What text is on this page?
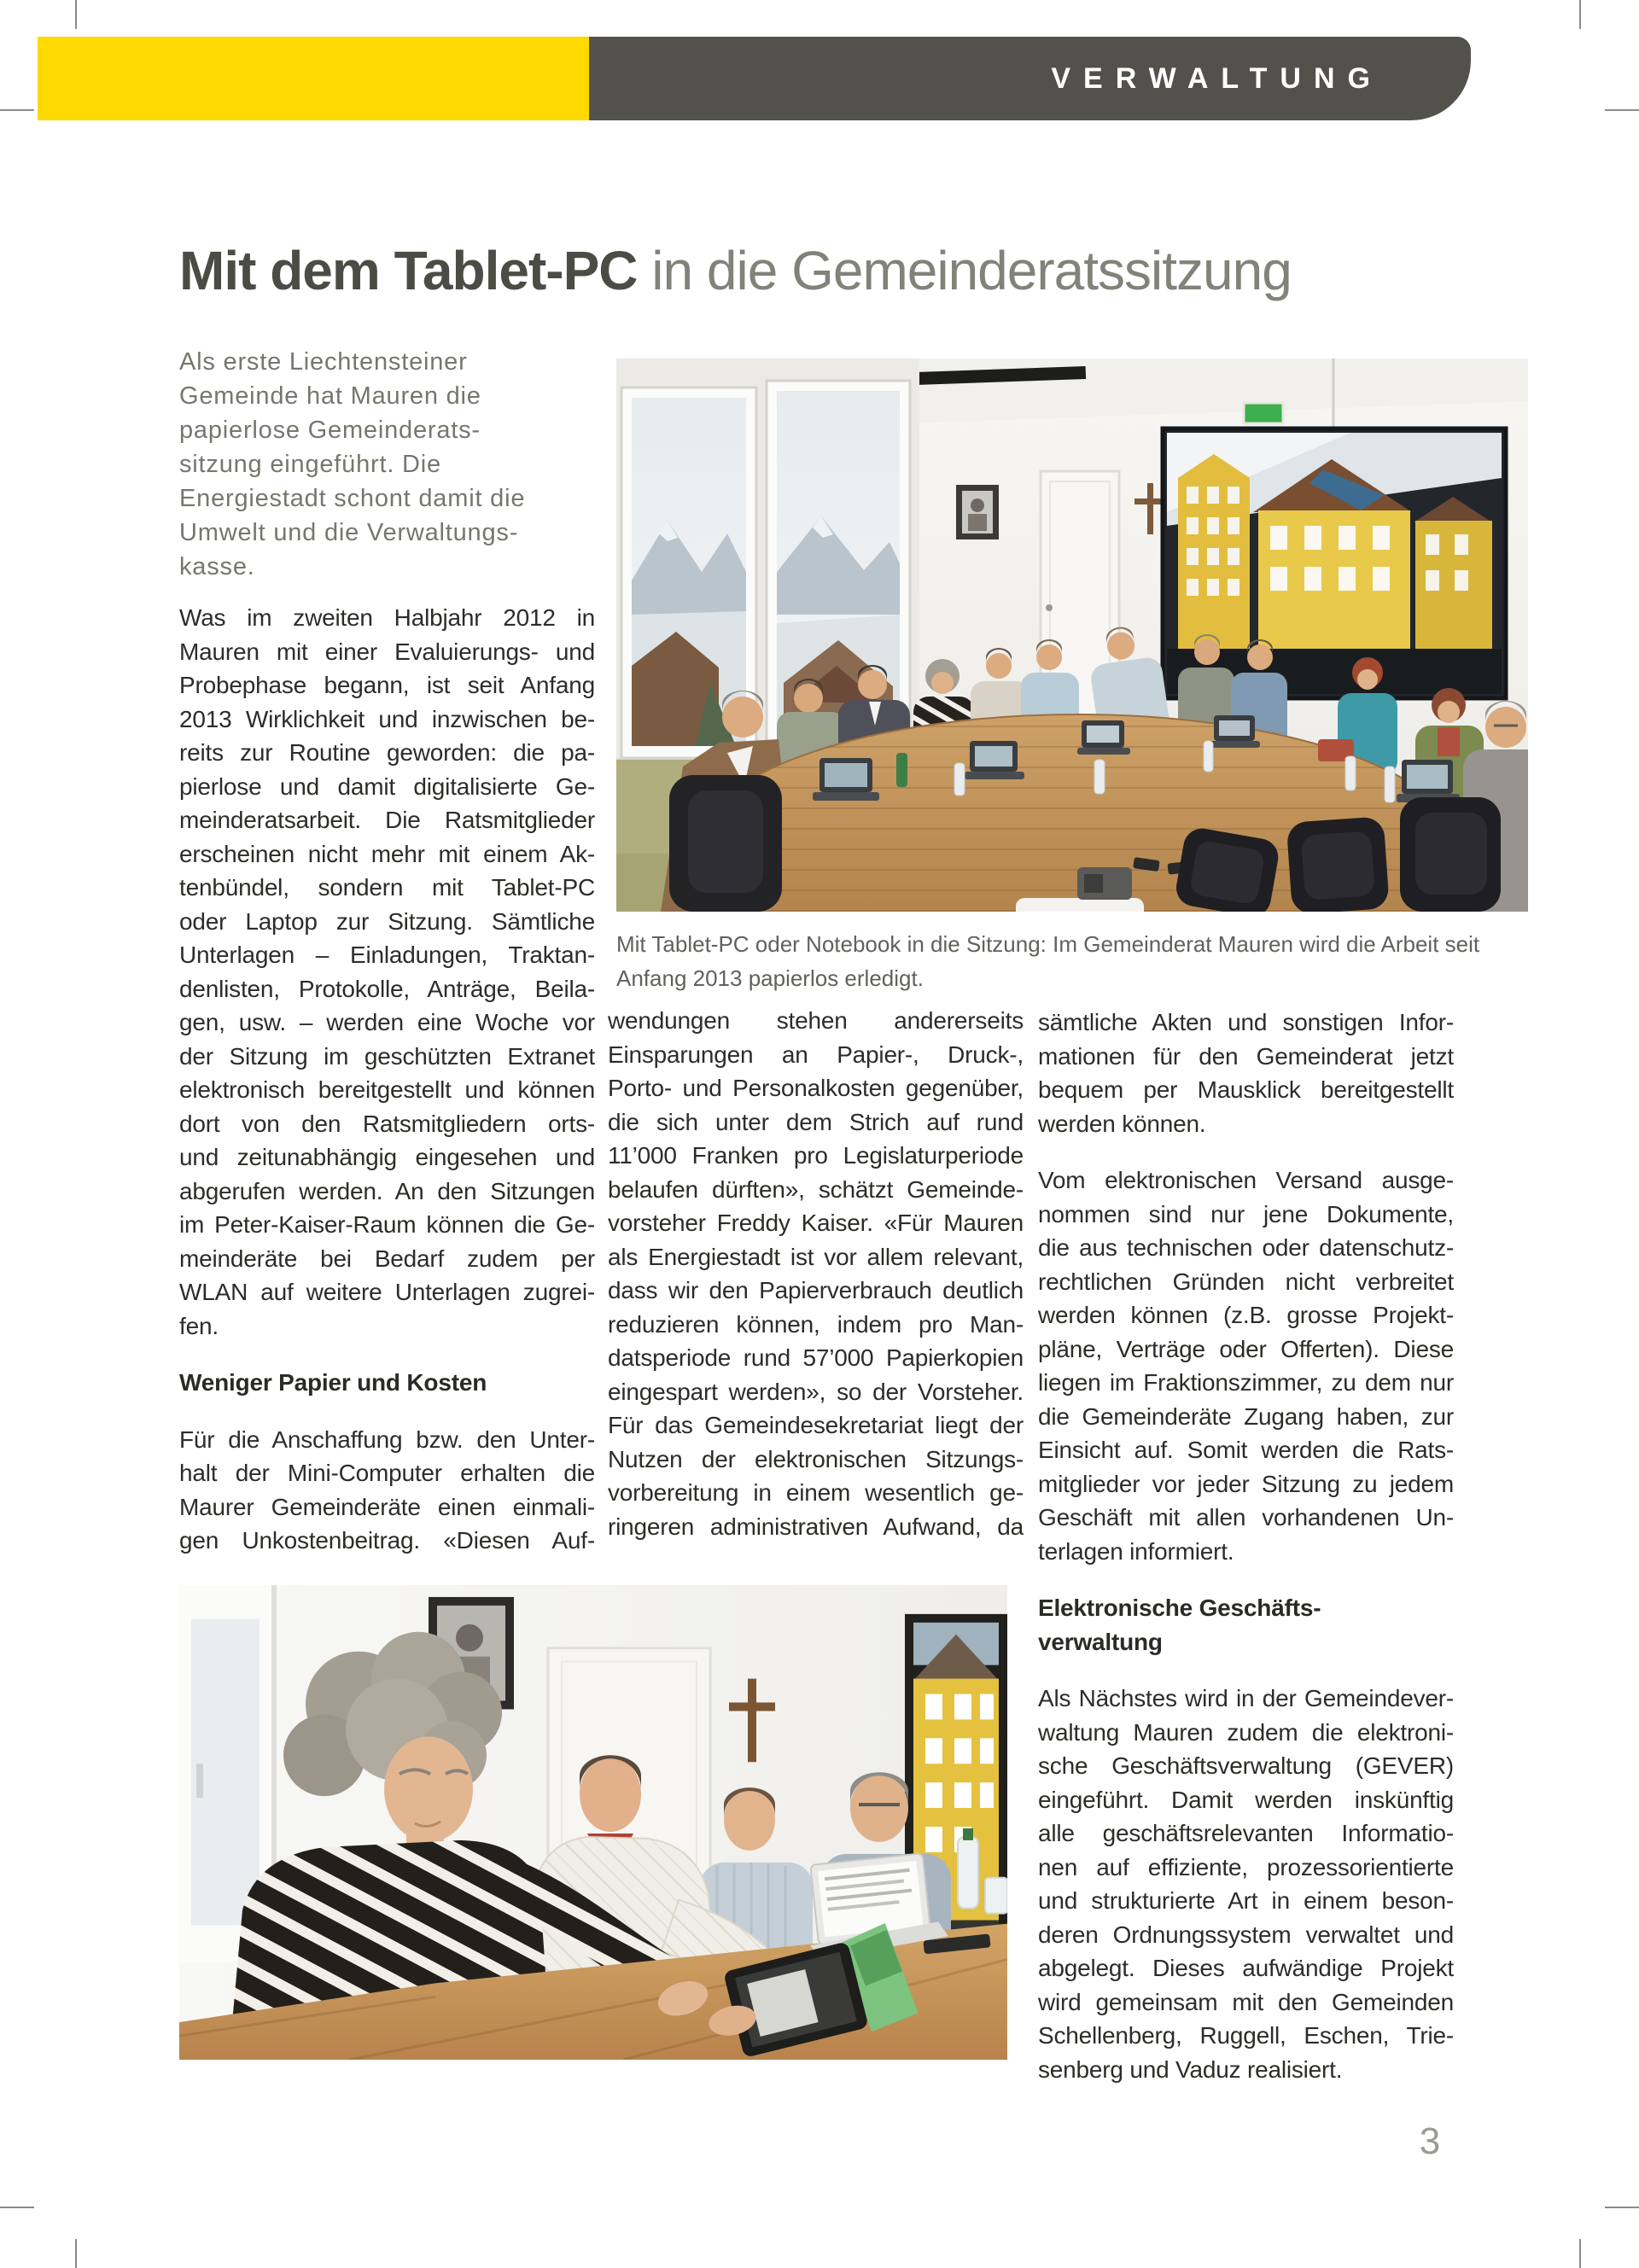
VERWALTUNG
Mit dem Tablet-PC in die Gemeinderatssitzung
Als erste Liechtensteiner
Gemeinde hat Mauren die
papierlose Gemeinderats-
sitzung eingeführt. Die
Energiestadt schont damit die
Umwelt und die Verwaltungs-
kasse.
Was im zweiten Halbjahr 2012 in
Mauren mit einer Evaluierungs- und
Probephase begann, ist seit Anfang
2013 Wirklichkeit und inzwischen be-
reits zur Routine geworden: die pa-
pierlose und damit digitalisierte Ge-
meinderatsarbeit. Die Ratsmitglieder
erscheinen nicht mehr mit einem Ak-
tenbündel, sondern mit Tablet-PC
oder Laptop zur Sitzung. Sämtliche
Unterlagen – Einladungen, Traktan-
denlisten, Protokolle, Anträge, Beila-
gen, usw. – werden eine Woche vor
der Sitzung im geschützten Extranet
elektronisch bereitgestellt und können
dort von den Ratsmitgliedern orts-
und zeitunabhängig eingesehen und
abgerufen werden. An den Sitzungen
im Peter-Kaiser-Raum können die Ge-
meinderäte bei Bedarf zudem per
WLAN auf weitere Unterlagen zugrei-
fen.
Weniger Papier und Kosten
Für die Anschaffung bzw. den Unter-
halt der Mini-Computer erhalten die
Maurer Gemeinderäte einen einmali-
gen Unkostenbeitrag. «Diesen Auf-
Mit Tablet-PC oder Notebook in die Sitzung: Im Gemeinderat Mauren wird die Arbeit seit
Anfang 2013 papierlos erledigt.
wendungen stehen andererseits
Einsparungen an Papier-, Druck-,
Porto- und Personalkosten gegenüber,
die sich unter dem Strich auf rund
11’000 Franken pro Legislaturperiode
belaufen dürften», schätzt Gemeinde-
vorsteher Freddy Kaiser. «Für Mauren
als Energiestadt ist vor allem relevant,
dass wir den Papierverbrauch deutlich
reduzieren können, indem pro Man-
datsperiode rund 57’000 Papierkopien
eingespart werden», so der Vorsteher.
Für das Gemeindesekretariat liegt der
Nutzen der elektronischen Sitzungs-
vorbereitung in einem wesentlich ge-
ringeren administrativen Aufwand, da
sämtliche Akten und sonstigen Infor-
mationen für den Gemeinderat jetzt
bequem per Mausklick bereitgestellt
werden können.
Vom elektronischen Versand ausge-
nommen sind nur jene Dokumente,
die aus technischen oder datenschutz-
rechtlichen Gründen nicht verbreitet
werden können (z.B. grosse Projekt-
pläne, Verträge oder Offerten). Diese
liegen im Fraktionszimmer, zu dem nur
die Gemeinderäte Zugang haben, zur
Einsicht auf. Somit werden die Rats-
mitglieder vor jeder Sitzung zu jedem
Geschäft mit allen vorhandenen Un-
terlagen informiert.
Elektronische Geschäfts-
verwaltung
Als Nächstes wird in der Gemeindever-
waltung Mauren zudem die elektroni-
sche Geschäftsverwaltung (GEVER)
eingeführt. Damit werden inskünftig
alle geschäftsrelevanten Informatio-
nen auf effiziente, prozessorientierte
und strukturierte Art in einem beson-
deren Ordnungssystem verwaltet und
abgelegt. Dieses aufwändige Projekt
wird gemeinsam mit den Gemeinden
Schellenberg, Ruggell, Eschen, Trie-
senberg und Vaduz realisiert.
3
